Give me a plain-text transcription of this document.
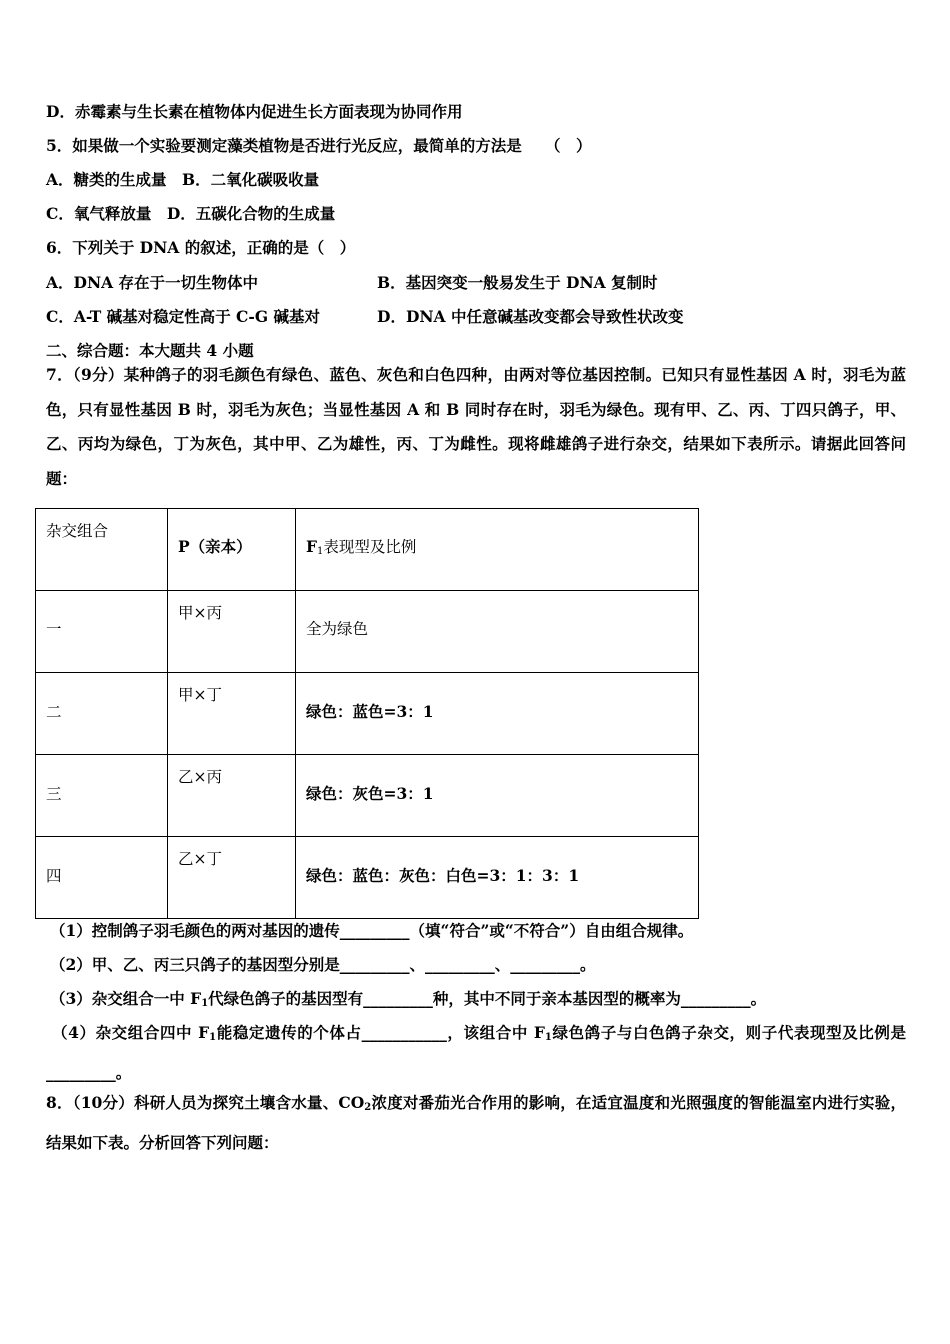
D．赤霉素与生长素在植物体内促进生长方面表现为协同作用
5．如果做一个实验要测定藻类植物是否进行光反应，最简单的方法是　　（　）
A．糖类的生成量　B．二氧化碳吸收量
C．氧气释放量　D．五碳化合物的生成量
6．下列关于 DNA 的叙述，正确的是（　）
A．DNA 存在于一切生物体中	B．基因突变一般易发生于 DNA 复制时
C．A-T 碱基对稳定性高于 C-G 碱基对	D．DNA 中任意碱基改变都会导致性状改变
二、综合题：本大题共 4 小题
7．（9分）某种鸽子的羽毛颜色有绿色、蓝色、灰色和白色四种，由两对等位基因控制。已知只有显性基因 A 时，羽毛为蓝色，只有显性基因 B 时，羽毛为灰色；当显性基因 A 和 B 同时存在时，羽毛为绿色。现有甲、乙、丙、丁四只鸽子，甲、乙、丙均为绿色，丁为灰色，其中甲、乙为雄性，丙、丁为雌性。现将雌雄鸽子进行杂交，结果如下表所示。请据此回答问题：
杂交组合	P（亲本）	$F_1$表现型及比例

一	甲×丙	全为绿色

二	甲×丁	绿色：蓝色=3：1

三	乙×丙	绿色：灰色=3：1

四	乙×丁	绿色：蓝色：灰色：白色=3：1：3：1
（1）控制鸽子羽毛颜色的两对基因的遗传_________（填“符合”或“不符合”）自由组合规律。
（2）甲、乙、丙三只鸽子的基因型分别是_________、_________、_________。
（3）杂交组合一中 $F_1$代绿色鸽子的基因型有_________种，其中不同于亲本基因型的概率为_________。
（4）杂交组合四中 $F_1$能稳定遗传的个体占___________，该组合中 $F_1$绿色鸽子与白色鸽子杂交，则子代表现型及比例是_________。
8．（10分）科研人员为探究土壤含水量、$CO_2$浓度对番茄光合作用的影响，在适宜温度和光照强度的智能温室内进行实验，结果如下表。分析回答下列问题：
